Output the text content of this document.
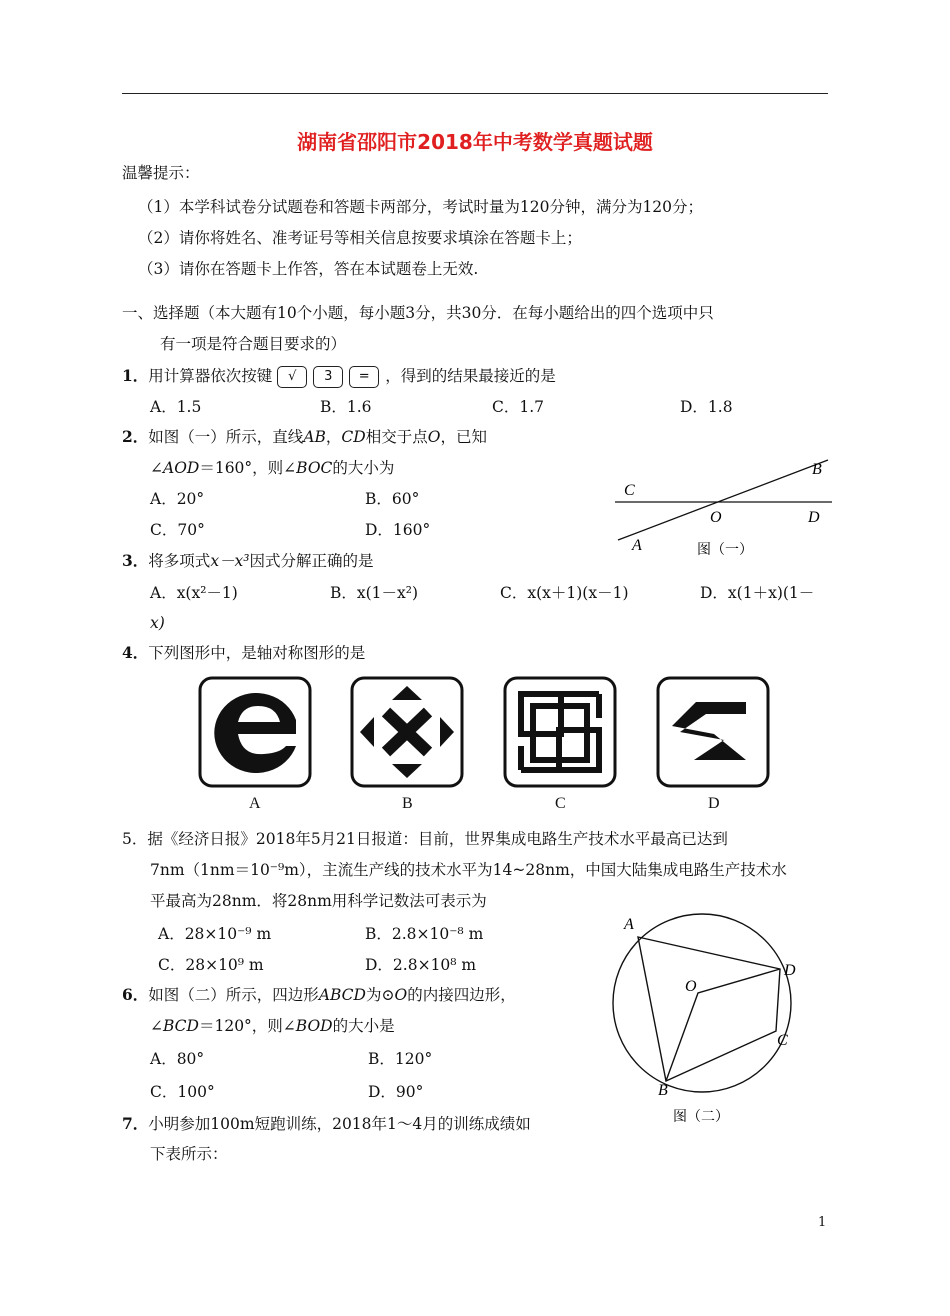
湖南省邵阳市2018年中考数学真题试题
温馨提示：
（1）本学科试卷分试题卷和答题卡两部分，考试时量为120分钟，满分为120分；
（2）请你将姓名、准考证号等相关信息按要求填涂在答题卡上；
（3）请你在答题卡上作答，答在本试题卷上无效.
一、选择题（本大题有10个小题，每小题3分，共30分．在每小题给出的四个选项中只
有一项是符合题目要求的）
1．用计算器依次按键 √ 3 = ，得到的结果最接近的是
A．1.5	B．1.6	C．1.7	D．1.8
2．如图（一）所示，直线AB，CD相交于点O，已知
∠AOD＝160°，则∠BOC的大小为
A．20°	B．60°
C．70°	D．160°
B
C
O	D
A	图（一）
3．将多项式x－x³因式分解正确的是
A．x(x²－1)	B．x(1－x²)	C．x(x＋1)(x－1)	D．x(1＋x)(1－
x)
4．下列图形中，是轴对称图形的是
A	B	C	D
5．据《经济日报》2018年5月21日报道：目前，世界集成电路生产技术水平最高已达到
7nm（1nm＝10⁻⁹m），主流生产线的技术水平为14~28nm，中国大陆集成电路生产技术水
平最高为28nm．将28nm用科学记数法可表示为
A．28×10⁻⁹ m	B．2.8×10⁻⁸ m
C．28×10⁹ m	D．2.8×10⁸ m
6．如图（二）所示，四边形ABCD为⊙O的内接四边形，
∠BCD＝120°，则∠BOD的大小是
A．80°	B．120°
C．100°	D．90°
A
D
O
C
B
图（二）
7．小明参加100m短跑训练，2018年1～4月的训练成绩如
下表所示：
1
